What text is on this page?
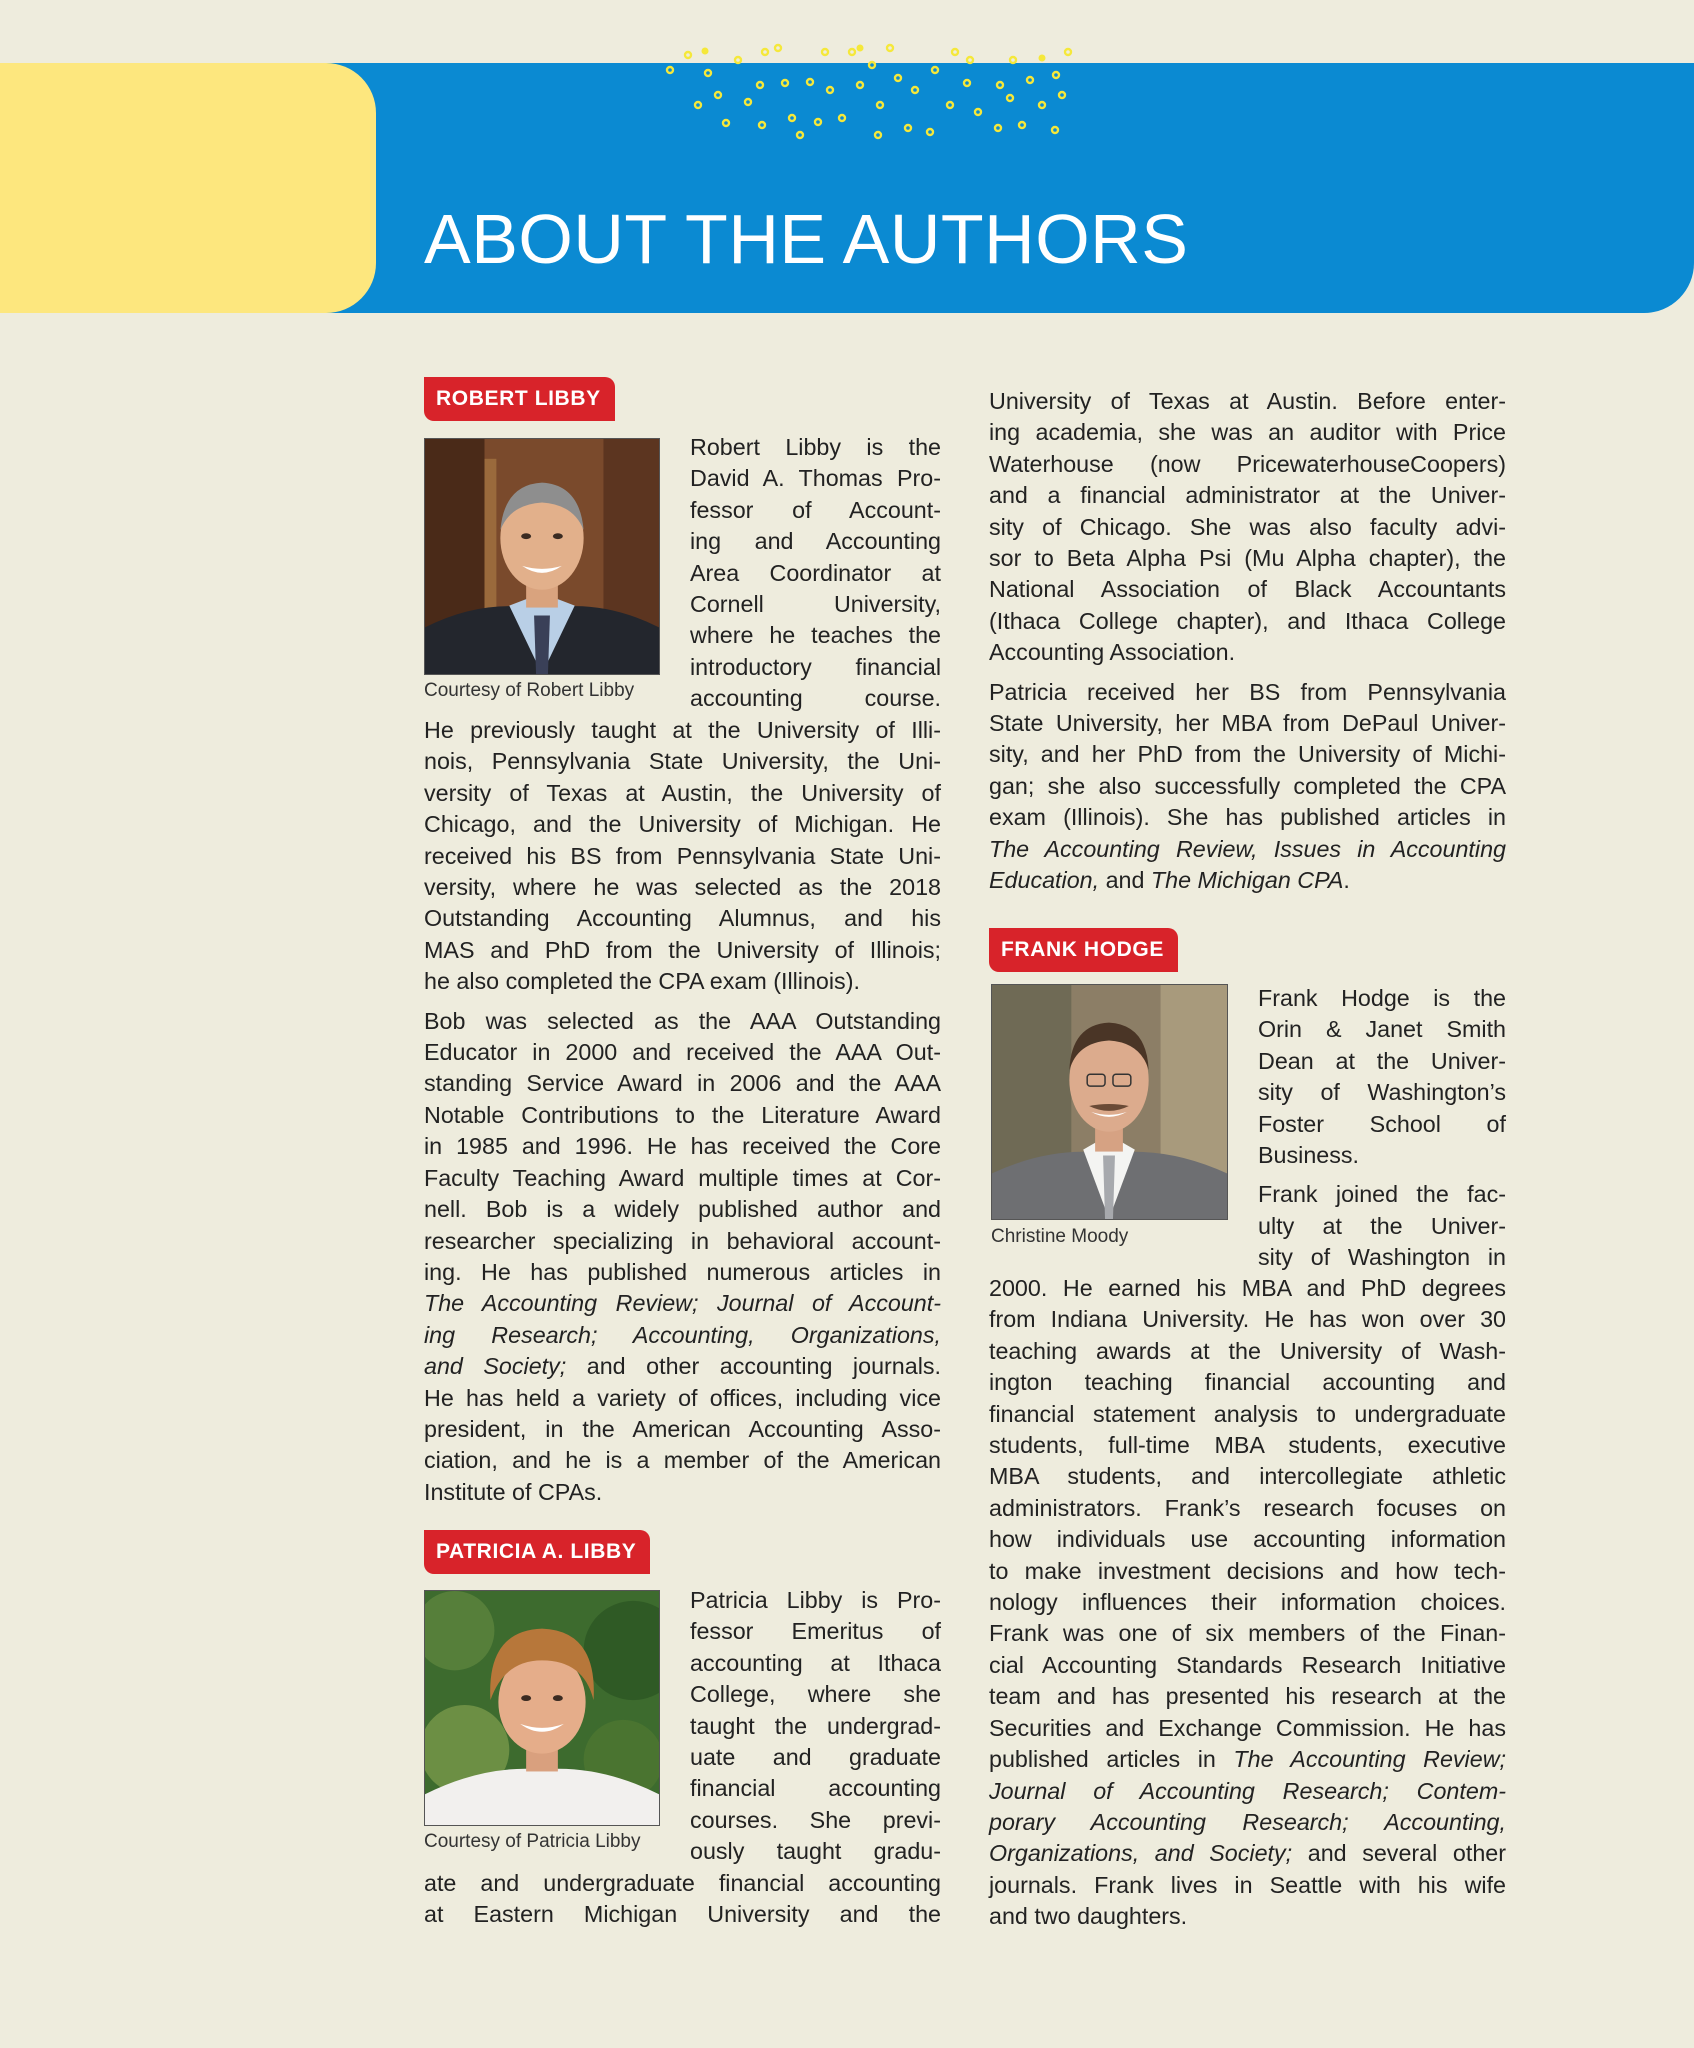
ABOUT THE AUTHORS
ROBERT LIBBY
Courtesy of Robert Libby
Robert Libby is the
David A. Thomas Pro-
fessor of Account-
ing and Accounting
Area Coordinator at
Cornell University,
where he teaches the
introductory financial
accounting course.
He previously taught at the University of Illi-
nois, Pennsylvania State University, the Uni-
versity of Texas at Austin, the University of
Chicago, and the University of Michigan. He
received his BS from Pennsylvania State Uni-
versity, where he was selected as the 2018
Outstanding Accounting Alumnus, and his
MAS and PhD from the University of Illinois;
he also completed the CPA exam (Illinois).
Bob was selected as the AAA Outstanding
Educator in 2000 and received the AAA Out-
standing Service Award in 2006 and the AAA
Notable Contributions to the Literature Award
in 1985 and 1996. He has received the Core
Faculty Teaching Award multiple times at Cor-
nell. Bob is a widely published author and
researcher specializing in behavioral account-
ing. He has published numerous articles in
The Accounting Review; Journal of Account-
ing Research; Accounting, Organizations,
and Society; and other accounting journals.
He has held a variety of offices, including vice
president, in the American Accounting Asso-
ciation, and he is a member of the American
Institute of CPAs.
PATRICIA A. LIBBY
Courtesy of Patricia Libby
Patricia Libby is Pro-
fessor Emeritus of
accounting at Ithaca
College, where she
taught the undergrad-
uate and graduate
financial accounting
courses. She previ-
ously taught gradu-
ate and undergraduate financial accounting
at Eastern Michigan University and the
University of Texas at Austin. Before enter-
ing academia, she was an auditor with Price
Waterhouse (now PricewaterhouseCoopers)
and a financial administrator at the Univer-
sity of Chicago. She was also faculty advi-
sor to Beta Alpha Psi (Mu Alpha chapter), the
National Association of Black Accountants
(Ithaca College chapter), and Ithaca College
Accounting Association.
Patricia received her BS from Pennsylvania
State University, her MBA from DePaul Univer-
sity, and her PhD from the University of Michi-
gan; she also successfully completed the CPA
exam (Illinois). She has published articles in
The Accounting Review, Issues in Accounting
Education, and The Michigan CPA.
FRANK HODGE
Christine Moody
Frank Hodge is the
Orin & Janet Smith
Dean at the Univer-
sity of Washington’s
Foster School of
Business.
Frank joined the fac-
ulty at the Univer-
sity of Washington in
2000. He earned his MBA and PhD degrees
from Indiana University. He has won over 30
teaching awards at the University of Wash-
ington teaching financial accounting and
financial statement analysis to undergraduate
students, full-time MBA students, executive
MBA students, and intercollegiate athletic
administrators. Frank’s research focuses on
how individuals use accounting information
to make investment decisions and how tech-
nology influences their information choices.
Frank was one of six members of the Finan-
cial Accounting Standards Research Initiative
team and has presented his research at the
Securities and Exchange Commission. He has
published articles in The Accounting Review;
Journal of Accounting Research; Contem-
porary Accounting Research; Accounting,
Organizations, and Society; and several other
journals. Frank lives in Seattle with his wife
and two daughters.
